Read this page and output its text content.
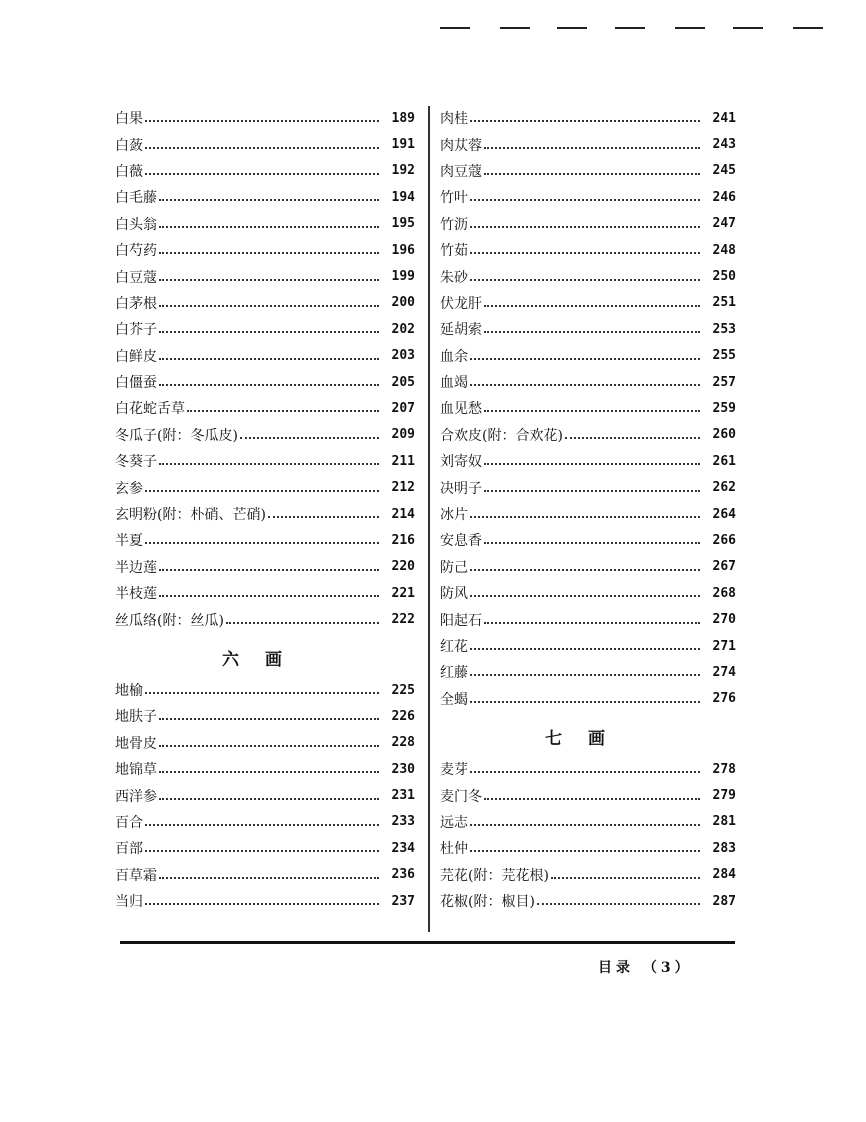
白果	189
白蔹	191
白薇	192
白毛藤	194
白头翁	195
白芍药	196
白豆蔻	199
白茅根	200
白芥子	202
白鲜皮	203
白僵蚕	205
白花蛇舌草	207
冬瓜子(附：冬瓜皮)	209
冬葵子	211
玄参	212
玄明粉(附：朴硝、芒硝)	214
半夏	216
半边莲	220
半枝莲	221
丝瓜络(附：丝瓜)	222
六画
地榆	225
地肤子	226
地骨皮	228
地锦草	230
西洋参	231
百合	233
百部	234
百草霜	236
当归	237
肉桂	241
肉苁蓉	243
肉豆蔻	245
竹叶	246
竹沥	247
竹茹	248
朱砂	250
伏龙肝	251
延胡索	253
血余	255
血竭	257
血见愁	259
合欢皮(附：合欢花)	260
刘寄奴	261
决明子	262
冰片	264
安息香	266
防己	267
防风	268
阳起石	270
红花	271
红藤	274
全蝎	276
七画
麦芽	278
麦门冬	279
远志	281
杜仲	283
芫花(附：芫花根)	284
花椒(附：椒目)	287
目录 （3）
